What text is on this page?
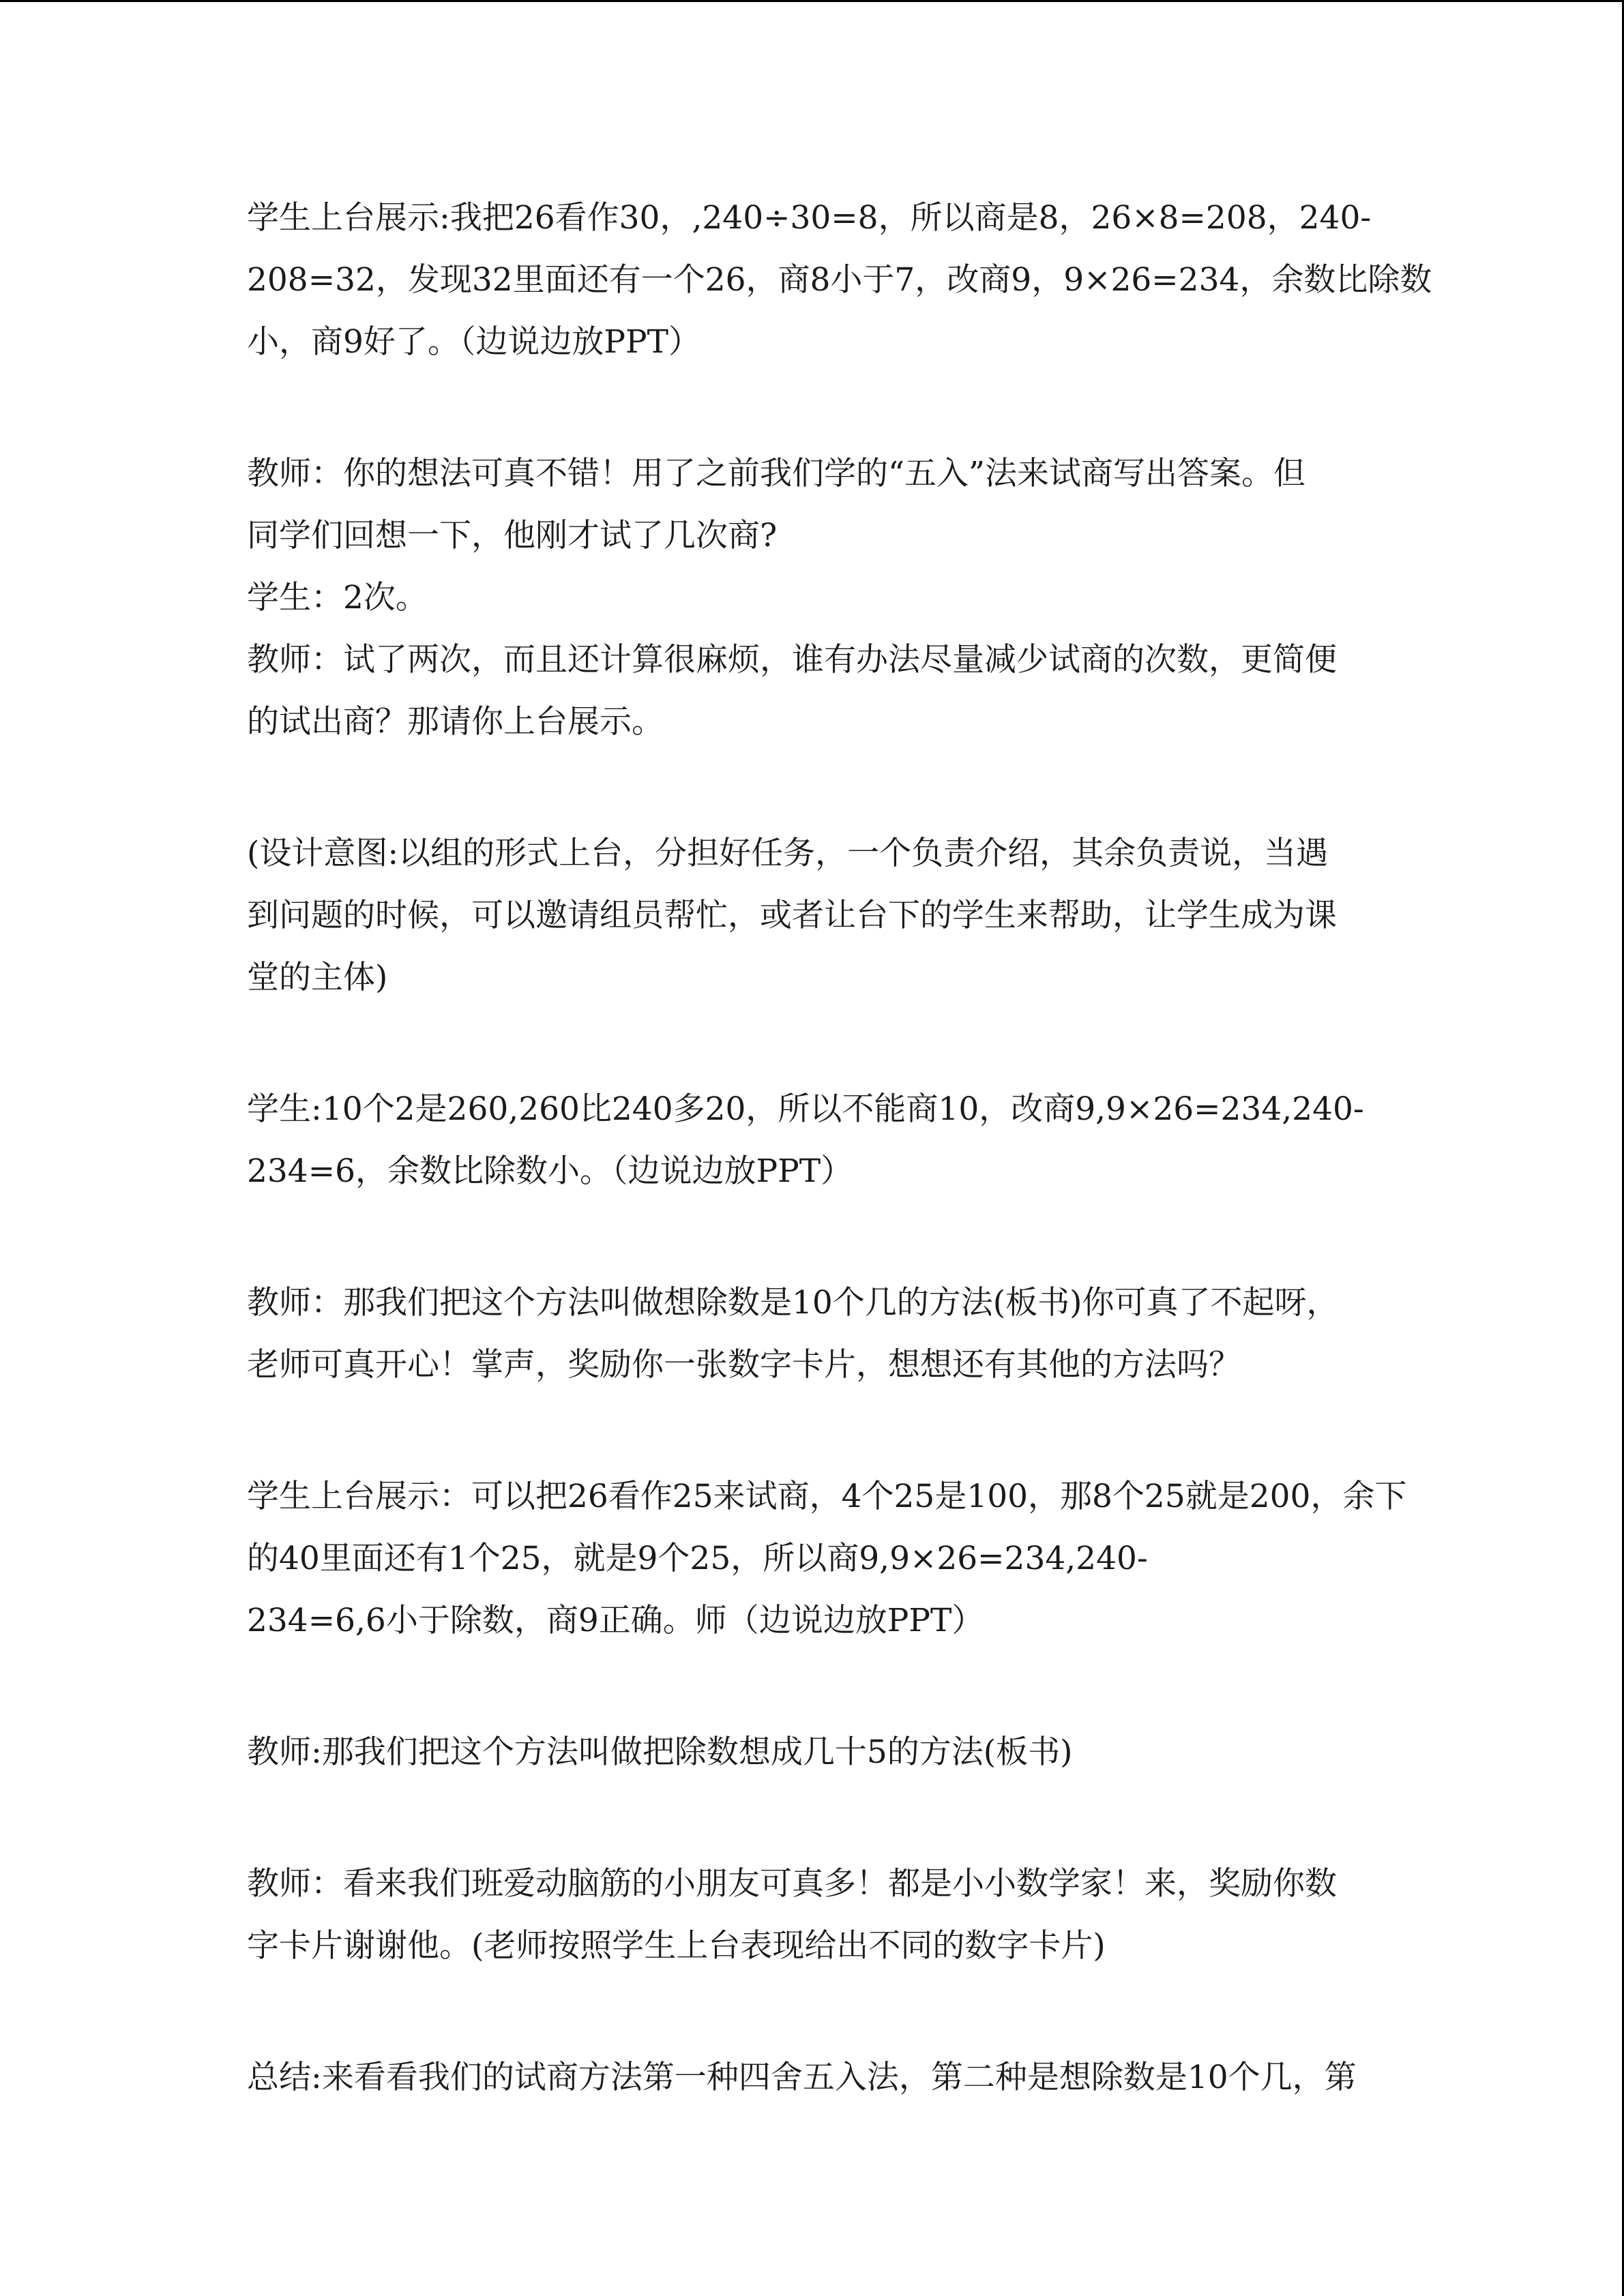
学生上台展示:我把26看作30，,240÷30=8，所以商是8，26×8=208，240-
208=32，发现32里面还有一个26，商8小于7，改商9，9×26=234，余数比除数
小，商9好了。（边说边放PPT）
教师：你的想法可真不错！用了之前我们学的“五入”法来试商写出答案。但
同学们回想一下，他刚才试了几次商?
学生：2次。
教师：试了两次，而且还计算很麻烦，谁有办法尽量减少试商的次数，更简便
的试出商？那请你上台展示。
(设计意图:以组的形式上台，分担好任务，一个负责介绍，其余负责说，当遇
到问题的时候，可以邀请组员帮忙，或者让台下的学生来帮助，让学生成为课
堂的主体)
学生:10个2是260,260比240多20，所以不能商10，改商9,9×26=234,240-
234=6，余数比除数小。（边说边放PPT）
教师：那我们把这个方法叫做想除数是10个几的方法(板书)你可真了不起呀，
老师可真开心！掌声，奖励你一张数字卡片，想想还有其他的方法吗？
学生上台展示：可以把26看作25来试商，4个25是100，那8个25就是200，余下
的40里面还有1个25，就是9个25，所以商9,9×26=234,240-
234=6,6小于除数，商9正确。师（边说边放PPT）
教师:那我们把这个方法叫做把除数想成几十5的方法(板书)
教师：看来我们班爱动脑筋的小朋友可真多！都是小小数学家！来，奖励你数
字卡片谢谢他。(老师按照学生上台表现给出不同的数字卡片)
总结:来看看我们的试商方法第一种四舍五入法，第二种是想除数是10个几，第
